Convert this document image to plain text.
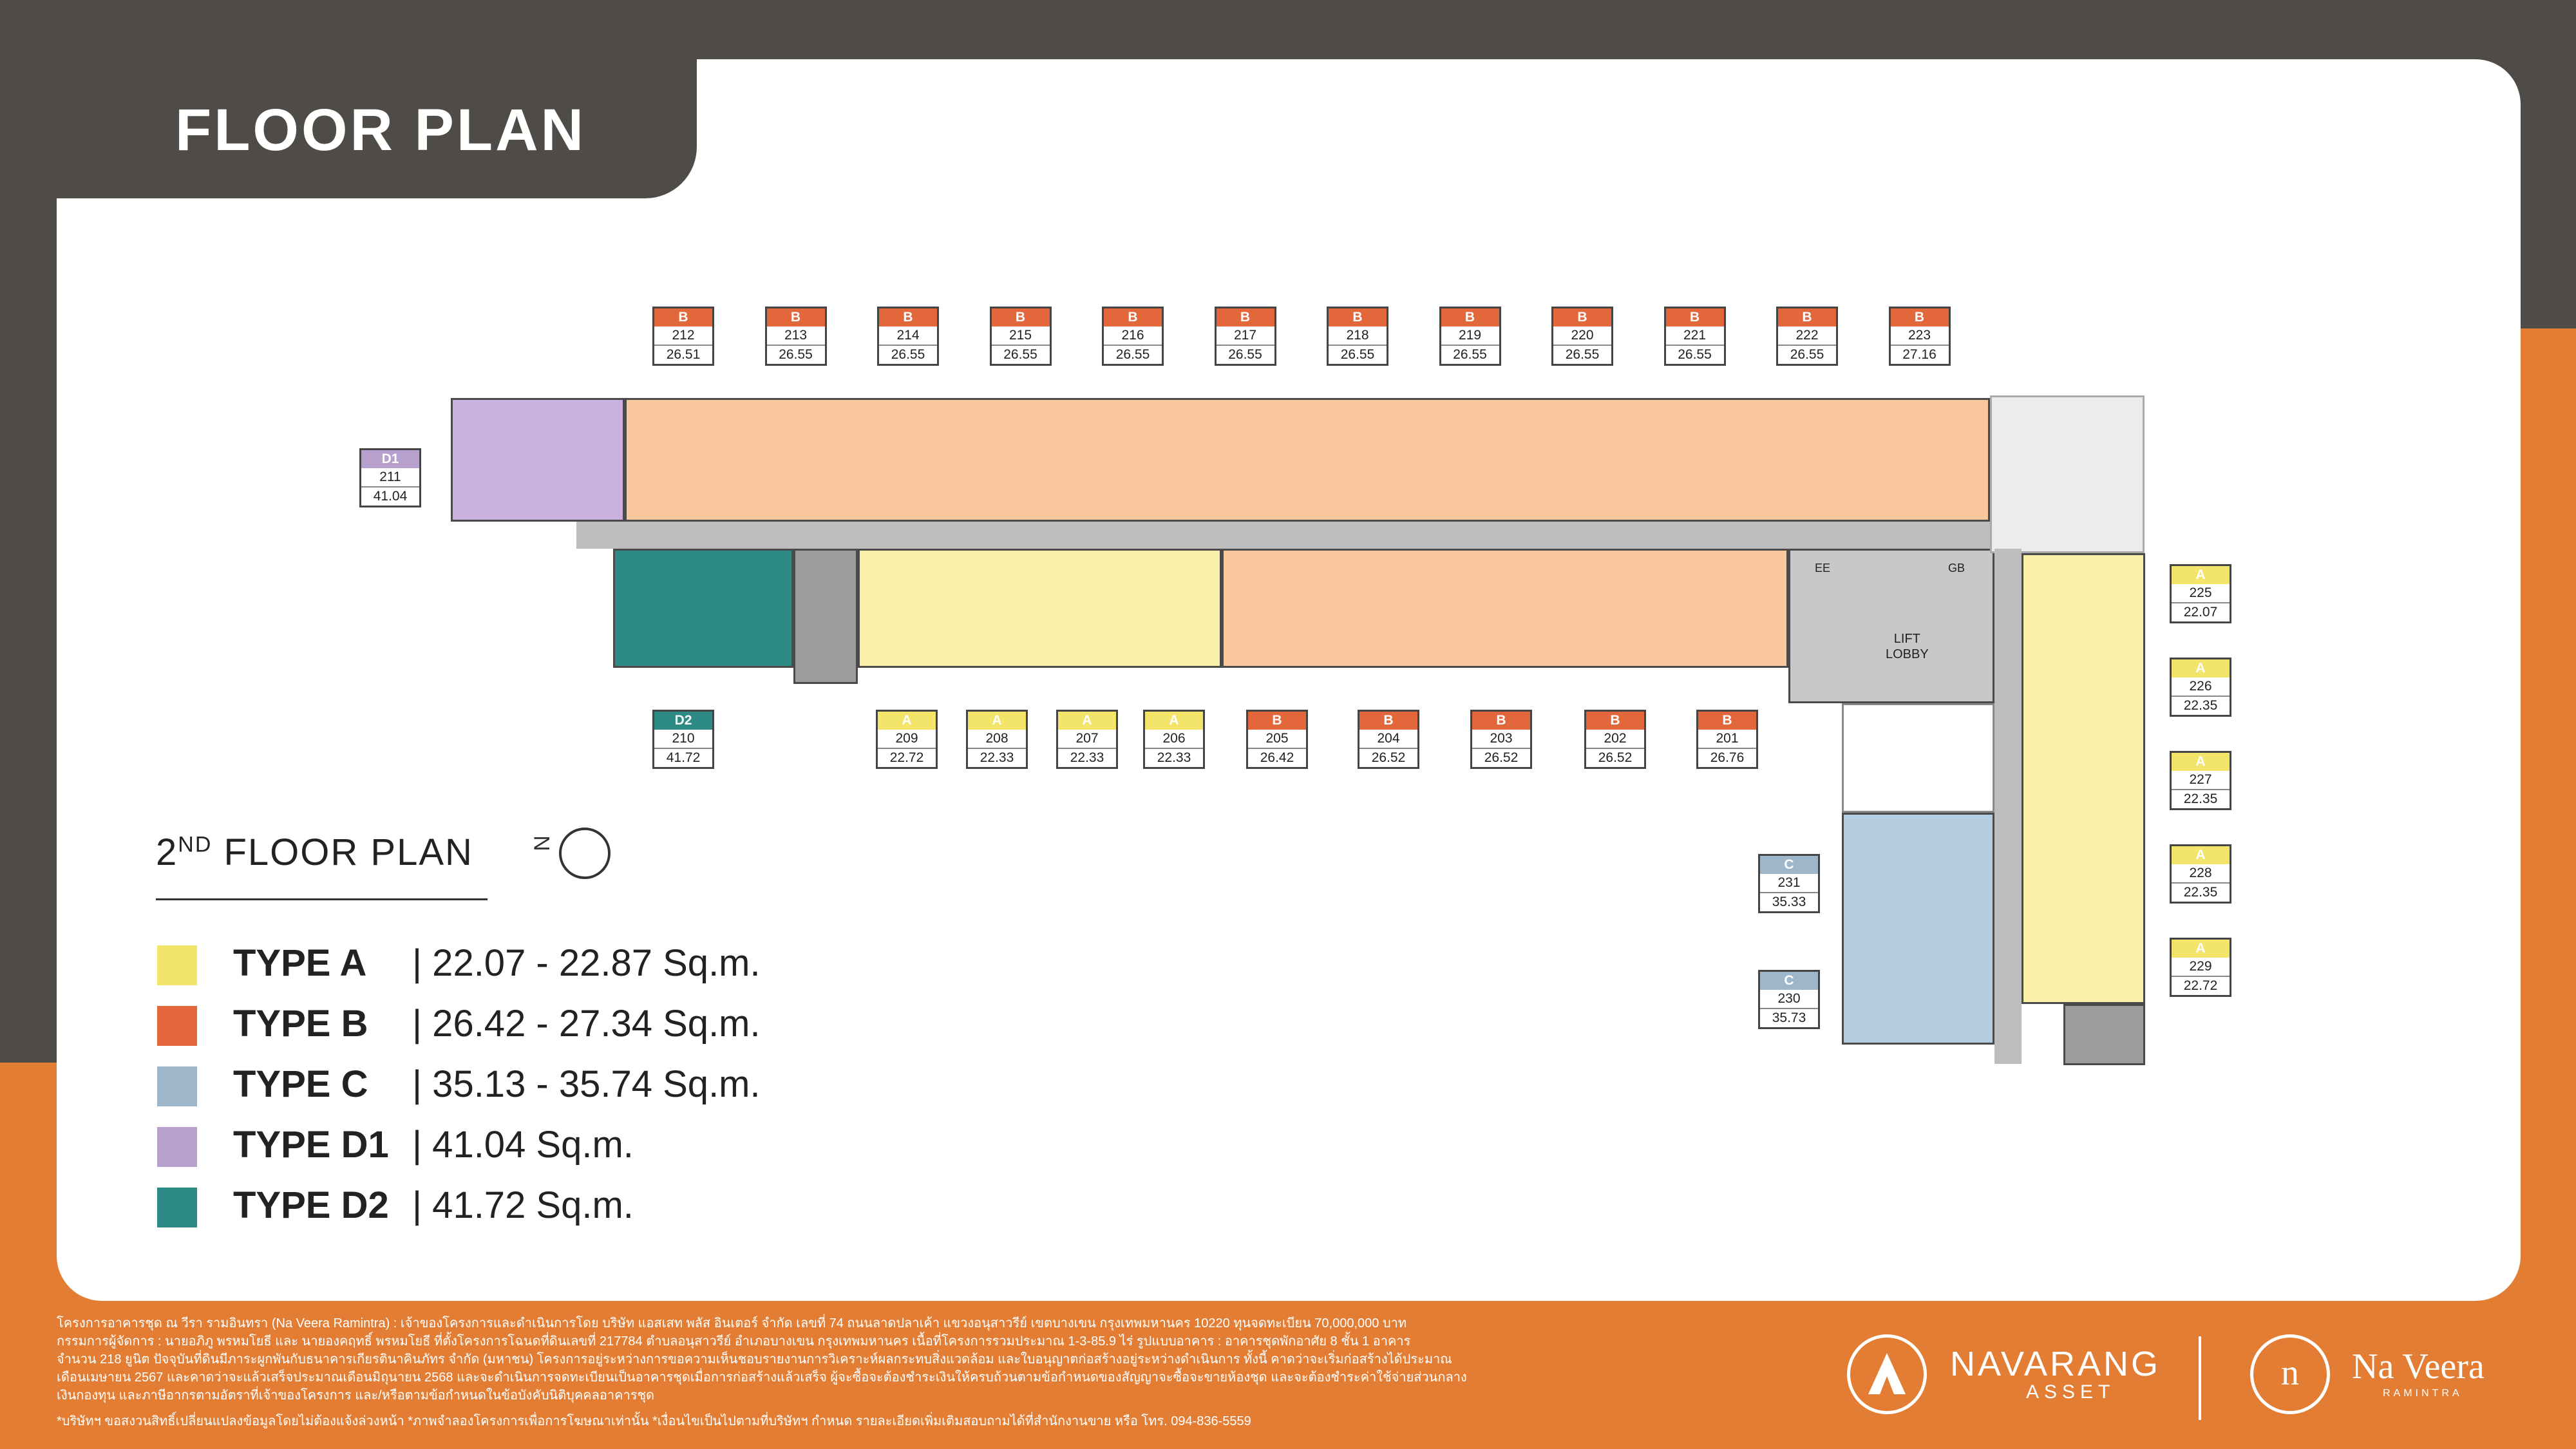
FLOOR PLAN
LIFT
LOBBY
EE	GB
B
212
26.51
B
213
26.55
B
214
26.55
B
215
26.55
B
216
26.55
B
217
26.55
B
218
26.55
B
219
26.55
B
220
26.55
B
221
26.55
B
222
26.55
B
223
27.16
A
209
22.72
A
208
22.33
A
207
22.33
A
206
22.33
B
205
26.42
B
204
26.52
B
203
26.52
B
202
26.52
B
201
26.76
A
225
22.07
A
226
22.35
A
227
22.35
A
228
22.35
A
229
22.72
D1
211
41.04
D2
210
41.72
C
231
35.33
C
230
35.73
2ND FLOOR PLAN	N
TYPE A | 22.07 - 22.87 Sq.m.
TYPE B | 26.42 - 27.34 Sq.m.
TYPE C | 35.13 - 35.74 Sq.m.
TYPE D1 | 41.04 Sq.m.
TYPE D2 | 41.72 Sq.m.
โครงการอาคารชุด ณ วีรา รามอินทรา (Na Veera Ramintra) : เจ้าของโครงการและดำเนินการโดย บริษัท แอสเสท พลัส อินเตอร์ จำกัด เลขที่ 74 ถนนลาดปลาเค้า แขวงอนุสาวรีย์ เขตบางเขน กรุงเทพมหานคร 10220 ทุนจดทะเบียน 70,000,000 บาท
กรรมการผู้จัดการ : นายอภิภู พรหมโยธี และ นายองคฤทธิ์ พรหมโยธี ที่ตั้งโครงการโฉนดที่ดินเลขที่ 217784 ตำบลอนุสาวรีย์ อำเภอบางเขน กรุงเทพมหานคร เนื้อที่โครงการรวมประมาณ 1-3-85.9 ไร่ รูปแบบอาคาร : อาคารชุดพักอาศัย 8 ชั้น 1 อาคาร
จำนวน 218 ยูนิต ปัจจุบันที่ดินมีภาระผูกพันกับธนาคารเกียรตินาคินภัทร จำกัด (มหาชน) โครงการอยู่ระหว่างการขอความเห็นชอบรายงานการวิเคราะห์ผลกระทบสิ่งแวดล้อม และใบอนุญาตก่อสร้างอยู่ระหว่างดำเนินการ ทั้งนี้ คาดว่าจะเริ่มก่อสร้างได้ประมาณ
เดือนเมษายน 2567 และคาดว่าจะแล้วเสร็จประมาณเดือนมิถุนายน 2568 และจะดำเนินการจดทะเบียนเป็นอาคารชุดเมื่อการก่อสร้างแล้วเสร็จ ผู้จะซื้อจะต้องชำระเงินให้ครบถ้วนตามข้อกำหนดของสัญญาจะซื้อจะขายห้องชุด และจะต้องชำระค่าใช้จ่ายส่วนกลาง
เงินกองทุน และภาษีอากรตามอัตราที่เจ้าของโครงการ และ/หรือตามข้อกำหนดในข้อบังคับนิติบุคคลอาคารชุด
*บริษัทฯ ขอสงวนสิทธิ์เปลี่ยนแปลงข้อมูลโดยไม่ต้องแจ้งล่วงหน้า *ภาพจำลองโครงการเพื่อการโฆษณาเท่านั้น *เงื่อนไขเป็นไปตามที่บริษัทฯ กำหนด รายละเอียดเพิ่มเติมสอบถามได้ที่สำนักงานขาย หรือ โทร. 094-836-5559
NAVARANG
ASSET	n	Na Veera
RAMINTRA
